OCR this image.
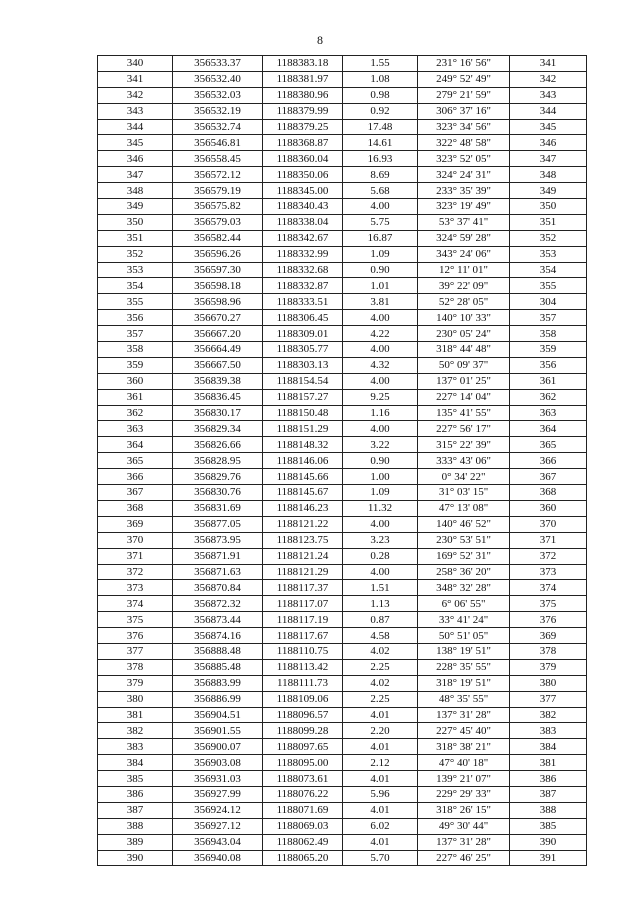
8
340	356533.37	1188383.18	1.55	231° 16' 56"	341
341	356532.40	1188381.97	1.08	249° 52' 49"	342
342	356532.03	1188380.96	0.98	279° 21' 59"	343
343	356532.19	1188379.99	0.92	306° 37' 16"	344
344	356532.74	1188379.25	17.48	323° 34' 56"	345
345	356546.81	1188368.87	14.61	322° 48' 58"	346
346	356558.45	1188360.04	16.93	323° 52' 05"	347
347	356572.12	1188350.06	8.69	324° 24' 31"	348
348	356579.19	1188345.00	5.68	233° 35' 39"	349
349	356575.82	1188340.43	4.00	323° 19' 49"	350
350	356579.03	1188338.04	5.75	53° 37' 41"	351
351	356582.44	1188342.67	16.87	324° 59' 28"	352
352	356596.26	1188332.99	1.09	343° 24' 06"	353
353	356597.30	1188332.68	0.90	12° 11' 01"	354
354	356598.18	1188332.87	1.01	39° 22' 09"	355
355	356598.96	1188333.51	3.81	52° 28' 05"	304
356	356670.27	1188306.45	4.00	140° 10' 33"	357
357	356667.20	1188309.01	4.22	230° 05' 24"	358
358	356664.49	1188305.77	4.00	318° 44' 48"	359
359	356667.50	1188303.13	4.32	50° 09' 37"	356
360	356839.38	1188154.54	4.00	137° 01' 25"	361
361	356836.45	1188157.27	9.25	227° 14' 04"	362
362	356830.17	1188150.48	1.16	135° 41' 55"	363
363	356829.34	1188151.29	4.00	227° 56' 17"	364
364	356826.66	1188148.32	3.22	315° 22' 39"	365
365	356828.95	1188146.06	0.90	333° 43' 06"	366
366	356829.76	1188145.66	1.00	0° 34' 22"	367
367	356830.76	1188145.67	1.09	31° 03' 15"	368
368	356831.69	1188146.23	11.32	47° 13' 08"	360
369	356877.05	1188121.22	4.00	140° 46' 52"	370
370	356873.95	1188123.75	3.23	230° 53' 51"	371
371	356871.91	1188121.24	0.28	169° 52' 31"	372
372	356871.63	1188121.29	4.00	258° 36' 20"	373
373	356870.84	1188117.37	1.51	348° 32' 28"	374
374	356872.32	1188117.07	1.13	6° 06' 55"	375
375	356873.44	1188117.19	0.87	33° 41' 24"	376
376	356874.16	1188117.67	4.58	50° 51' 05"	369
377	356888.48	1188110.75	4.02	138° 19' 51"	378
378	356885.48	1188113.42	2.25	228° 35' 55"	379
379	356883.99	1188111.73	4.02	318° 19' 51"	380
380	356886.99	1188109.06	2.25	48° 35' 55"	377
381	356904.51	1188096.57	4.01	137° 31' 28"	382
382	356901.55	1188099.28	2.20	227° 45' 40"	383
383	356900.07	1188097.65	4.01	318° 38' 21"	384
384	356903.08	1188095.00	2.12	47° 40' 18"	381
385	356931.03	1188073.61	4.01	139° 21' 07"	386
386	356927.99	1188076.22	5.96	229° 29' 33"	387
387	356924.12	1188071.69	4.01	318° 26' 15"	388
388	356927.12	1188069.03	6.02	49° 30' 44"	385
389	356943.04	1188062.49	4.01	137° 31' 28"	390
390	356940.08	1188065.20	5.70	227° 46' 25"	391
